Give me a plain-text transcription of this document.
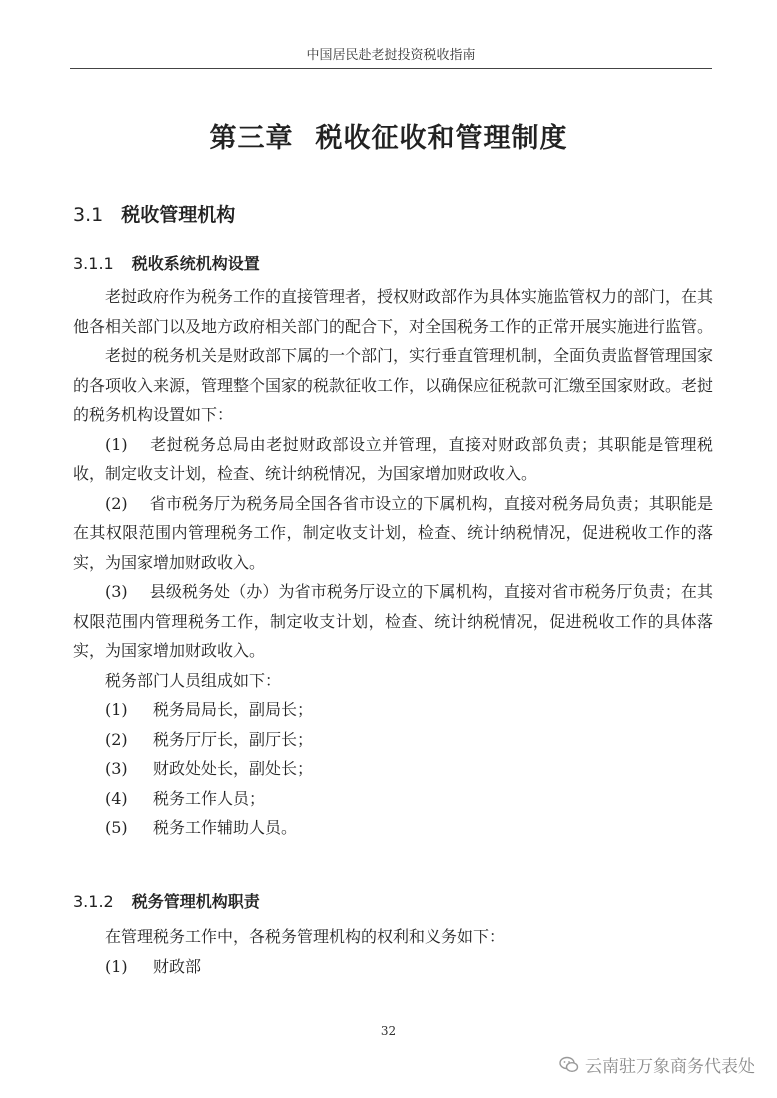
中国居民赴老挝投资税收指南
第三章 税收征收和管理制度
3.1 税收管理机构
3.1.1 税收系统机构设置

老挝政府作为税务工作的直接管理者，授权财政部作为具体实施监管权力的部门，在其他各相关部门以及地方政府相关部门的配合下，对全国税务工作的正常开展实施进行监管。

老挝的税务机关是财政部下属的一个部门，实行垂直管理机制，全面负责监督管理国家的各项收入来源，管理整个国家的税款征收工作，以确保应征税款可汇缴至国家财政。老挝的税务机构设置如下：

(1) 老挝税务总局由老挝财政部设立并管理，直接对财政部负责；其职能是管理税收，制定收支计划，检查、统计纳税情况，为国家增加财政收入。

(2) 省市税务厅为税务局全国各省市设立的下属机构，直接对税务局负责；其职能是在其权限范围内管理税务工作，制定收支计划，检查、统计纳税情况，促进税收工作的落实，为国家增加财政收入。

(3) 县级税务处（办）为省市税务厅设立的下属机构，直接对省市税务厅负责；在其权限范围内管理税务工作，制定收支计划，检查、统计纳税情况，促进税收工作的具体落实，为国家增加财政收入。

税务部门人员组成如下：

(1) 税务局局长，副局长；

(2) 税务厅厅长，副厅长；

(3) 财政处处长，副处长；

(4) 税务工作人员；

(5) 税务工作辅助人员。

3.1.2 税务管理机构职责

在管理税务工作中，各税务管理机构的权利和义务如下：

(1) 财政部

32
云南驻万象商务代表处
